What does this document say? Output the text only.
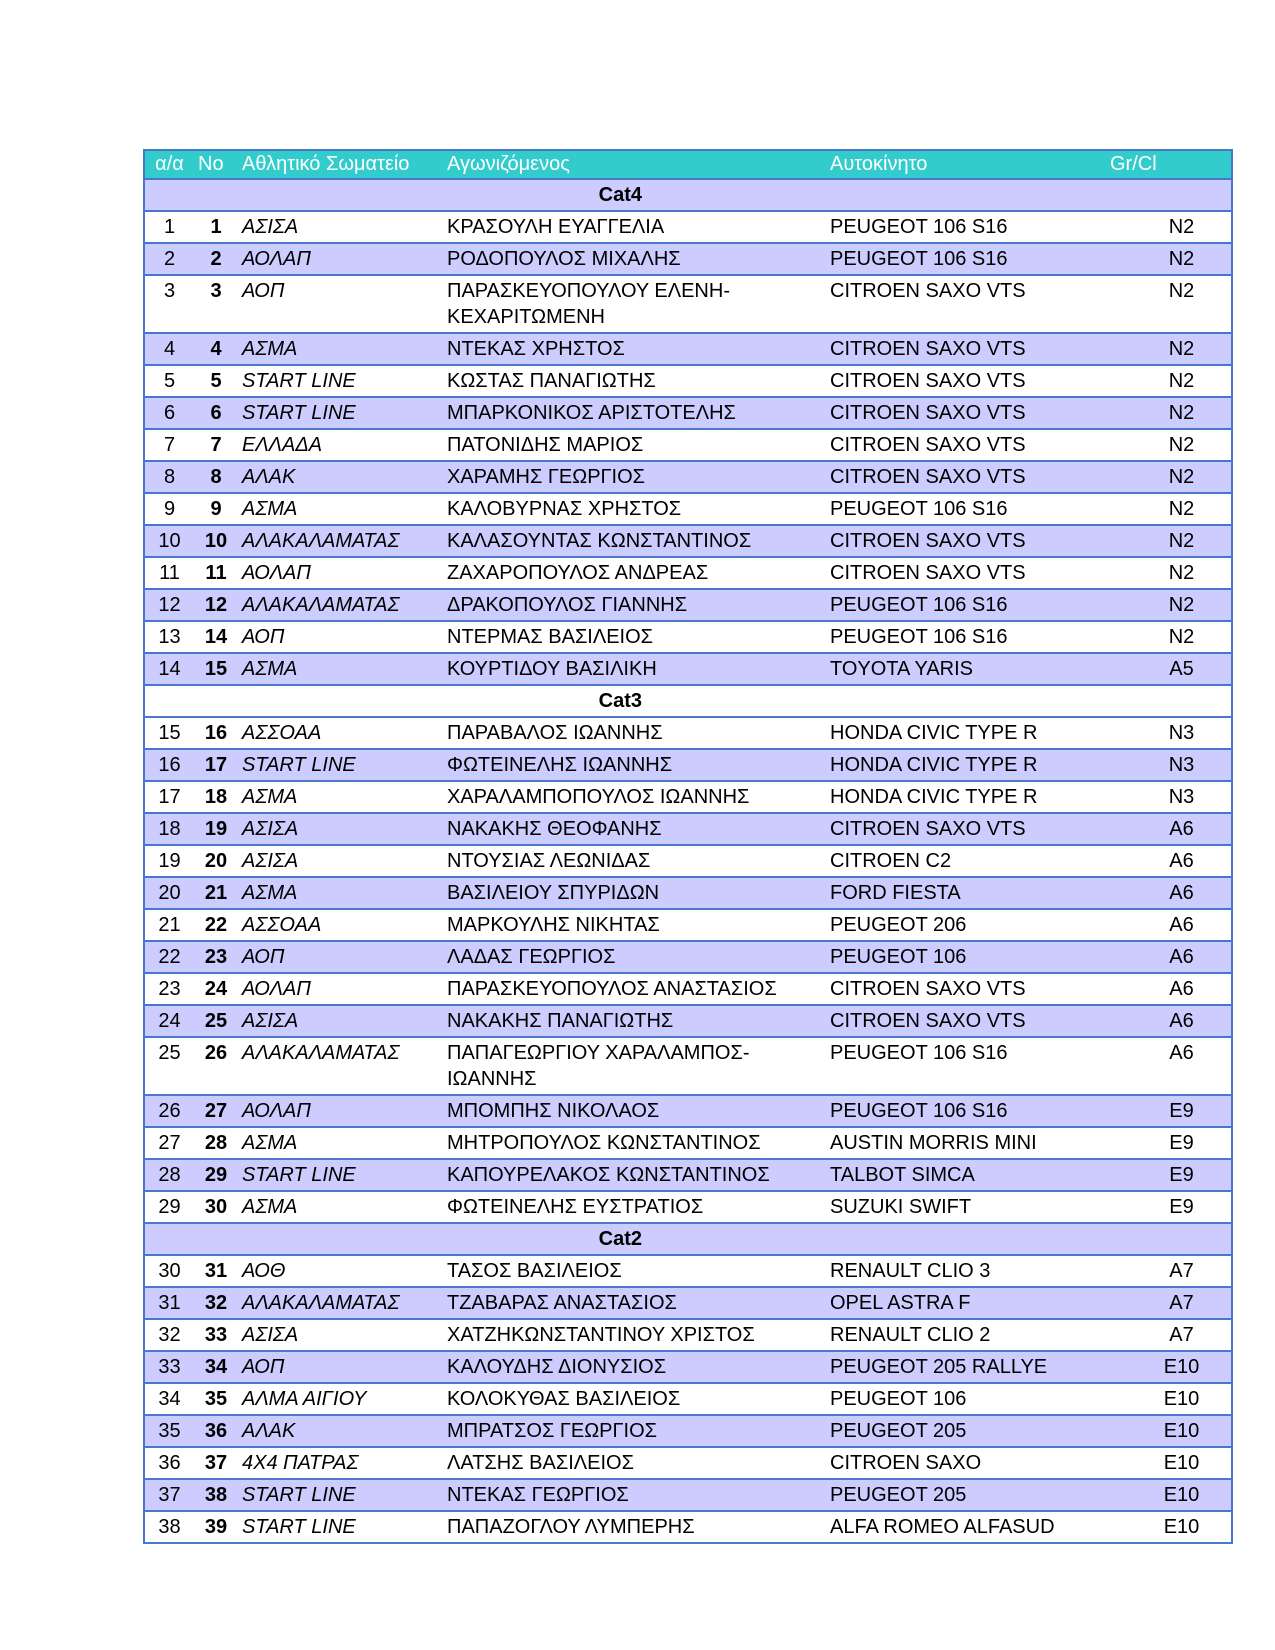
α/α	No	Αθλητικό Σωματείο	Αγωνιζόμενος	Αυτοκίνητο	Gr/Cl
Cat4					
1	1	ΑΣΙΣΑ	ΚΡΑΣΟΥΛΗ ΕΥΑΓΓΕΛΙΑ	PEUGEOT 106 S16	N2
2	2	ΑΟΛΑΠ	ΡΟΔΟΠΟΥΛΟΣ ΜΙΧΑΛΗΣ	PEUGEOT 106 S16	N2
3	3	ΑΟΠ	ΠΑΡΑΣΚΕΥΟΠΟΥΛΟΥ ΕΛΕΝΗ-ΚΕΧΑΡΙΤΩΜΕΝΗ	CITROEN SAXO VTS	N2
4	4	ΑΣΜΑ	ΝΤΕΚΑΣ ΧΡΗΣΤΟΣ	CITROEN SAXO VTS	N2
5	5	START LINE	ΚΩΣΤΑΣ ΠΑΝΑΓΙΩΤΗΣ	CITROEN SAXO VTS	N2
6	6	START LINE	ΜΠΑΡΚΟΝΙΚΟΣ ΑΡΙΣΤΟΤΕΛΗΣ	CITROEN SAXO VTS	N2
7	7	ΕΛΛΑΔΑ	ΠΑΤΟΝΙΔΗΣ ΜΑΡΙΟΣ	CITROEN SAXO VTS	N2
8	8	ΑΛΑΚ	ΧΑΡΑΜΗΣ ΓΕΩΡΓΙΟΣ	CITROEN SAXO VTS	N2
9	9	ΑΣΜΑ	ΚΑΛΟΒΥΡΝΑΣ ΧΡΗΣΤΟΣ	PEUGEOT 106 S16	N2
10	10	ΑΛΑΚΑΛΑΜΑΤΑΣ	ΚΑΛΑΣΟΥΝΤΑΣ ΚΩΝΣΤΑΝΤΙΝΟΣ	CITROEN SAXO VTS	N2
11	11	ΑΟΛΑΠ	ΖΑΧΑΡΟΠΟΥΛΟΣ ΑΝΔΡΕΑΣ	CITROEN SAXO VTS	N2
12	12	ΑΛΑΚΑΛΑΜΑΤΑΣ	ΔΡΑΚΟΠΟΥΛΟΣ ΓΙΑΝΝΗΣ	PEUGEOT 106 S16	N2
13	14	ΑΟΠ	ΝΤΕΡΜΑΣ ΒΑΣΙΛΕΙΟΣ	PEUGEOT 106 S16	N2
14	15	ΑΣΜΑ	ΚΟΥΡΤΙΔΟΥ ΒΑΣΙΛΙΚΗ	TOYOTA YARIS	A5
Cat3					
15	16	ΑΣΣΟΑΑ	ΠΑΡΑΒΑΛΟΣ ΙΩΑΝΝΗΣ	HONDA CIVIC TYPE R	N3
16	17	START LINE	ΦΩΤΕΙΝΕΛΗΣ ΙΩΑΝΝΗΣ	HONDA CIVIC TYPE R	N3
17	18	ΑΣΜΑ	ΧΑΡΑΛΑΜΠΟΠΟΥΛΟΣ ΙΩΑΝΝΗΣ	HONDA CIVIC TYPE R	N3
18	19	ΑΣΙΣΑ	ΝΑΚΑΚΗΣ ΘΕΟΦΑΝΗΣ	CITROEN SAXO VTS	A6
19	20	ΑΣΙΣΑ	ΝΤΟΥΣΙΑΣ ΛΕΩΝΙΔΑΣ	CITROEN C2	A6
20	21	ΑΣΜΑ	ΒΑΣΙΛΕΙΟΥ ΣΠΥΡΙΔΩΝ	FORD FIESTA	A6
21	22	ΑΣΣΟΑΑ	ΜΑΡΚΟΥΛΗΣ ΝΙΚΗΤΑΣ	PEUGEOT 206	A6
22	23	ΑΟΠ	ΛΑΔΑΣ ΓΕΩΡΓΙΟΣ	PEUGEOT 106	A6
23	24	ΑΟΛΑΠ	ΠΑΡΑΣΚΕΥΟΠΟΥΛΟΣ ΑΝΑΣΤΑΣΙΟΣ	CITROEN SAXO VTS	A6
24	25	ΑΣΙΣΑ	ΝΑΚΑΚΗΣ ΠΑΝΑΓΙΩΤΗΣ	CITROEN SAXO VTS	A6
25	26	ΑΛΑΚΑΛΑΜΑΤΑΣ	ΠΑΠΑΓΕΩΡΓΙΟΥ ΧΑΡΑΛΑΜΠΟΣ-ΙΩΑΝΝΗΣ	PEUGEOT 106 S16	A6
26	27	ΑΟΛΑΠ	ΜΠΟΜΠΗΣ ΝΙΚΟΛΑΟΣ	PEUGEOT 106 S16	E9
27	28	ΑΣΜΑ	ΜΗΤΡΟΠΟΥΛΟΣ ΚΩΝΣΤΑΝΤΙΝΟΣ	AUSTIN MORRIS MINI	E9
28	29	START LINE	ΚΑΠΟΥΡΕΛΑΚΟΣ ΚΩΝΣΤΑΝΤΙΝΟΣ	TALBOT SIMCA	E9
29	30	ΑΣΜΑ	ΦΩΤΕΙΝΕΛΗΣ ΕΥΣΤΡΑΤΙΟΣ	SUZUKI SWIFT	E9
Cat2					
30	31	ΑΟΘ	ΤΑΣΟΣ ΒΑΣΙΛΕΙΟΣ	RENAULT CLIO 3	A7
31	32	ΑΛΑΚΑΛΑΜΑΤΑΣ	ΤΖΑΒΑΡΑΣ ΑΝΑΣΤΑΣΙΟΣ	OPEL ASTRA F	A7
32	33	ΑΣΙΣΑ	ΧΑΤΖΗΚΩΝΣΤΑΝΤΙΝΟΥ ΧΡΙΣΤΟΣ	RENAULT CLIO 2	A7
33	34	ΑΟΠ	ΚΑΛΟΥΔΗΣ ΔΙΟΝΥΣΙΟΣ	PEUGEOT 205 RALLYE	E10
34	35	ΑΛΜΑ ΑΙΓΙΟΥ	ΚΟΛΟΚΥΘΑΣ ΒΑΣΙΛΕΙΟΣ	PEUGEOT 106	E10
35	36	ΑΛΑΚ	ΜΠΡΑΤΣΟΣ ΓΕΩΡΓΙΟΣ	PEUGEOT 205	E10
36	37	4Χ4 ΠΑΤΡΑΣ	ΛΑΤΣΗΣ ΒΑΣΙΛΕΙΟΣ	CITROEN SAXO	E10
37	38	START LINE	ΝΤΕΚΑΣ ΓΕΩΡΓΙΟΣ	PEUGEOT 205	E10
38	39	START LINE	ΠΑΠΑΖΟΓΛΟΥ ΛΥΜΠΕΡΗΣ	ALFA ROMEO ALFASUD	E10
